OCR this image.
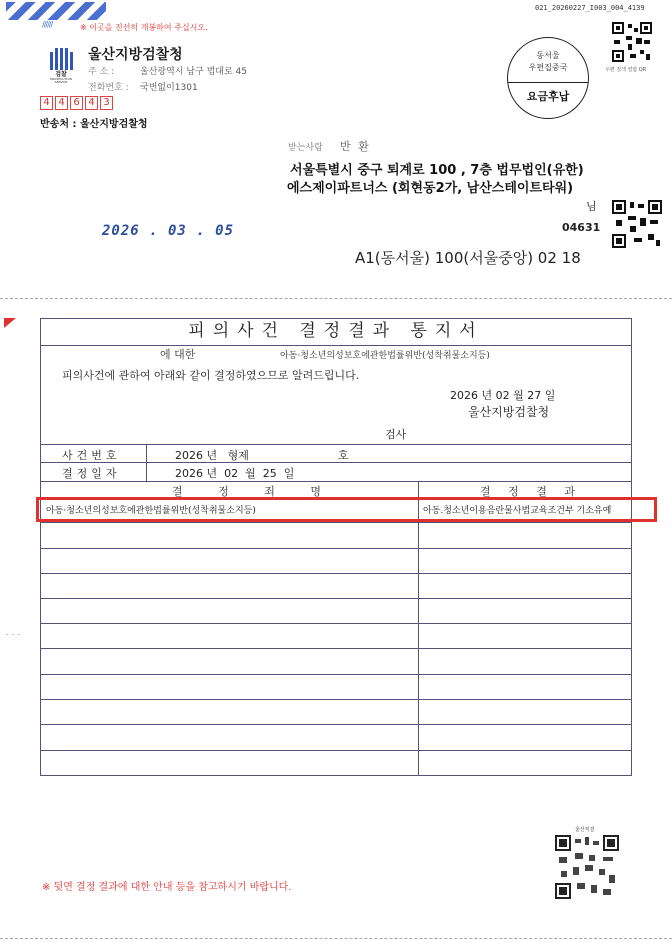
//////	※ 이곳을 진선히 개봉하여 주십시오.
021_20260227_I003_004_4139
검찰
PROSECUTION SERVICE
울산지방검찰청
주 소 :	울산광역시 남구 법대로 45
전화번호 : 국번없이1301
4 4 6 4 3
반송처 : 울산지방검찰청
동서울
우편집중국
요금후납
우편 검색 열람 QR
받는사람 반 환
서울특별시 중구 퇴계로 100 , 7층 법무법인(유한)
에스제이파트너스 (회현동2가, 남산스테이트타워)
님
04631
2026 . 03 . 05
A1(동서울) 100(서울중앙) 02 18
- - -
피의사건 결정결과 통지서
에 대한	아동·청소년의성보호에관한법률위반(성착취물소지등)
피의사건에 관하여 아래와 같이 결정하였으므로 알려드립니다.
2026 년 02 월 27 일
울산지방검찰청
검사
사건번호	2026 년   형제	호
결정일자	2026 년  02  월  25  일
결 정 죄 명	결 정 결 과
아동·청소년의성보호에관한법률위반(성착취물소지등)	아동.청소년이용음란물사범교육조건부 기소유예
울산직결
※ 뒷면 결정 결과에 대한 안내 등을 참고하시기 바랍니다.
